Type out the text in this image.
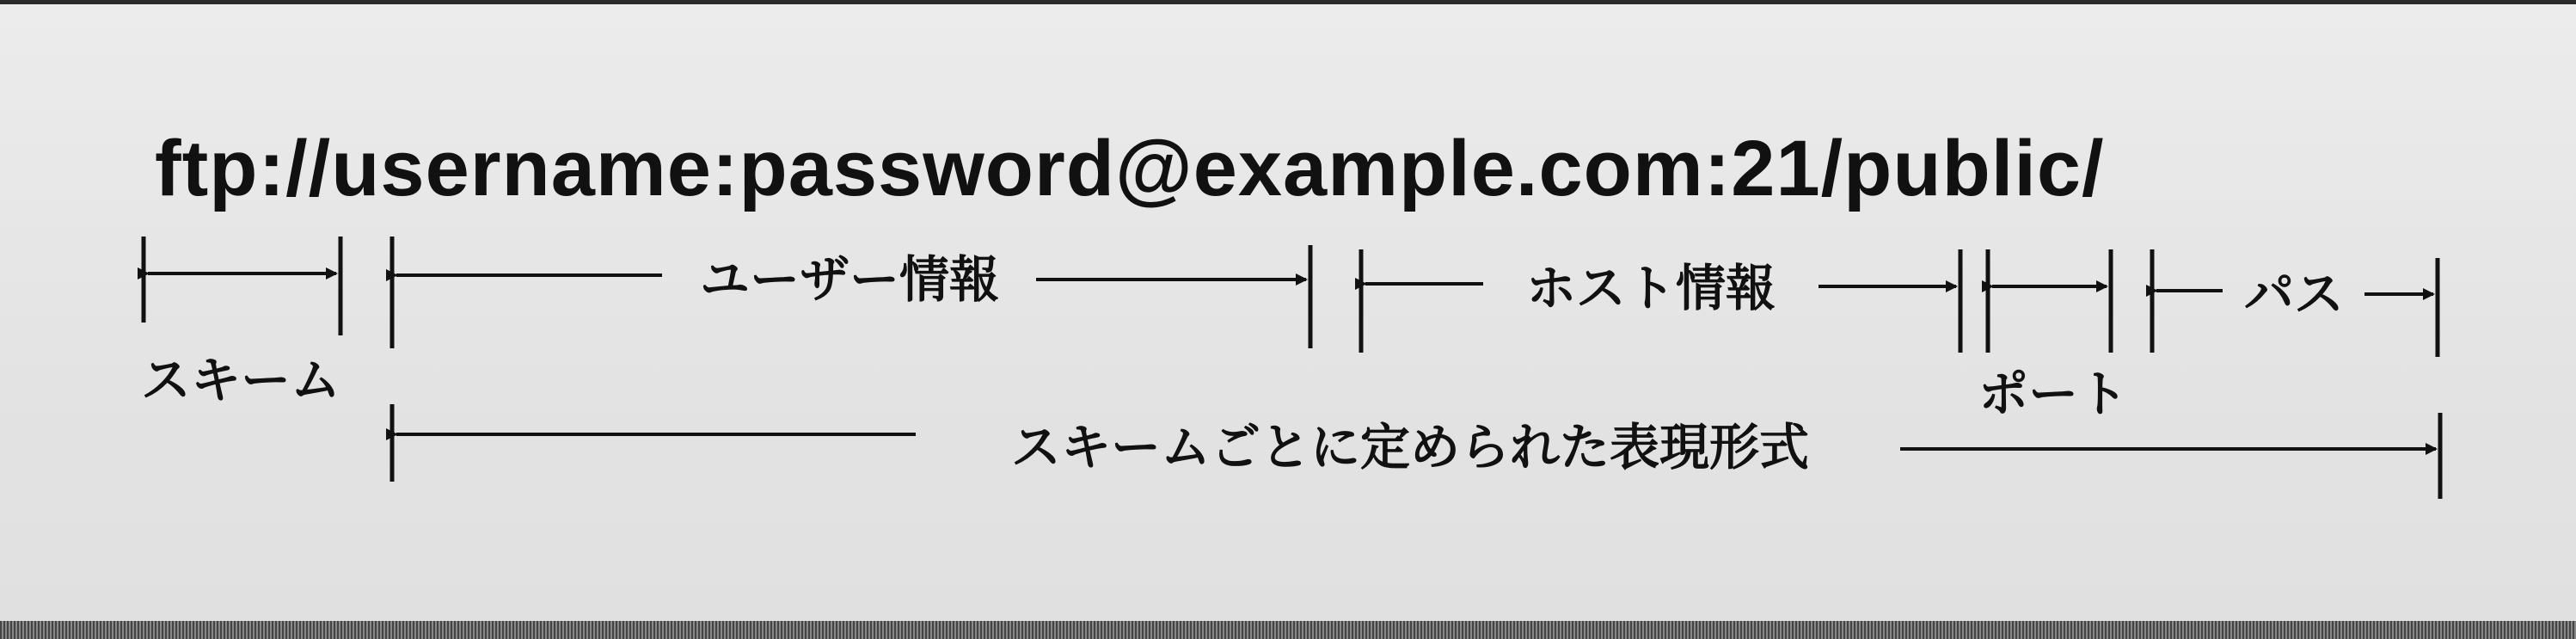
ftp://username:password@example.com:21/public/
スキーム
ユーザー情報	ホスト情報
ポート
パス
スキームごとに定められた表現形式
